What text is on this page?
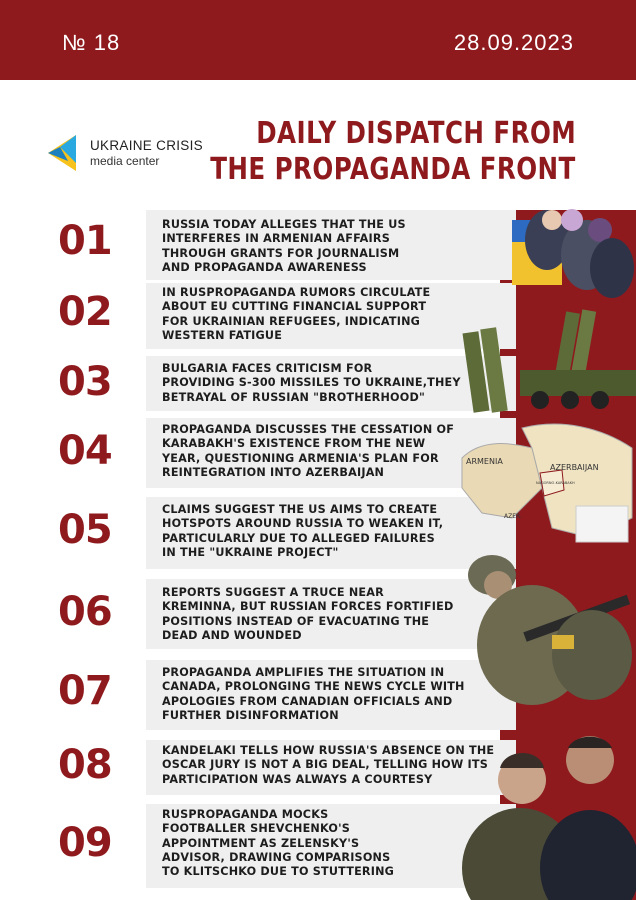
№ 18	28.09.2023
UKRAINE CRISIS
media center
DAILY DISPATCH FROM
THE PROPAGANDA FRONT
01	RUSSIA TODAY ALLEGES THAT THE US
INTERFERES IN ARMENIAN AFFAIRS
THROUGH GRANTS FOR JOURNALISM
AND PROPAGANDA AWARENESS
02	IN RUSPROPAGANDA RUMORS CIRCULATE
ABOUT EU CUTTING FINANCIAL SUPPORT
FOR UKRAINIAN REFUGEES, INDICATING
WESTERN FATIGUE
03	BULGARIA FACES CRITICISM FOR
PROVIDING S-300 MISSILES TO UKRAINE,THEY
BETRAYAL OF RUSSIAN "BROTHERHOOD"
04	PROPAGANDA DISCUSSES THE CESSATION OF
KARABAKH'S EXISTENCE FROM THE NEW
YEAR, QUESTIONING ARMENIA'S PLAN FOR
REINTEGRATION INTO AZERBAIJAN
05	CLAIMS SUGGEST THE US AIMS TO CREATE
HOTSPOTS AROUND RUSSIA TO WEAKEN IT,
PARTICULARLY DUE TO ALLEGED FAILURES
IN THE "UKRAINE PROJECT"
06	REPORTS SUGGEST A TRUCE NEAR
KREMINNA, BUT RUSSIAN FORCES FORTIFIED
POSITIONS INSTEAD OF EVACUATING THE
DEAD AND WOUNDED
07	PROPAGANDA AMPLIFIES THE SITUATION IN
CANADA, PROLONGING THE NEWS CYCLE WITH
APOLOGIES FROM CANADIAN OFFICIALS AND
FURTHER DISINFORMATION
08	KANDELAKI TELLS HOW RUSSIA'S ABSENCE ON THE
OSCAR JURY IS NOT A BIG DEAL, TELLING HOW ITS
PARTICIPATION WAS ALWAYS A COURTESY
09
RUSPROPAGANDA MOCKS
FOOTBALLER SHEVCHENKO'S
APPOINTMENT AS ZELENSKY'S
ADVISOR, DRAWING COMPARISONS
TO KLITSCHKO DUE TO STUTTERING
ARMENIA
AZERBAIJAN
AZER.
NAGORNO-KARABAKH
